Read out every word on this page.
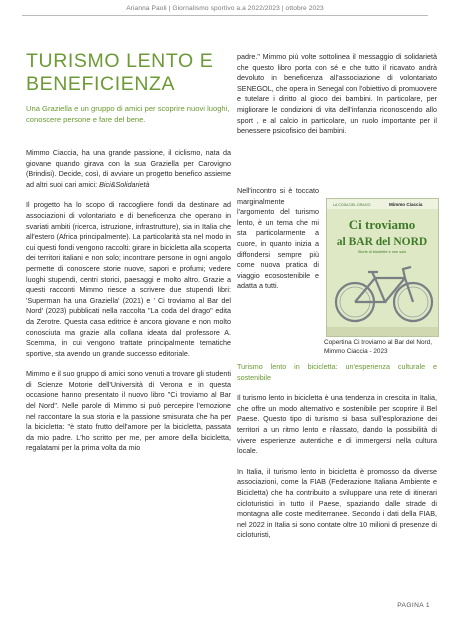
Arianna Paoli | Giornalismo sportivo a.a 2022/2023 | ottobre 2023
TURISMO LENTO E BENEFICIENZA
Una Graziella e un gruppo di amici per scoprire nuovi luoghi, conoscere persone e fare del bene.

Mimmo Ciaccia, ha una grande passione, il ciclismo, nata da giovane quando girava con la sua Graziella per Carovigno (Brindisi). Decide, così, di avviare un progetto benefico assieme ad altri suoi cari amici: Bici&Solidarietà

Il progetto ha lo scopo di raccogliere fondi da destinare ad associazioni di volontariato e di beneficenza che operano in svariati ambiti (ricerca, istruzione, infrastrutture), sia in Italia che all'estero (Africa principalmente). La particolarità sta nel modo in cui questi fondi vengono raccolti: girare in bicicletta alla scoperta dei territori italiani e non solo; incontrare persone in ogni angolo permette di conoscere storie nuove, sapori e profumi; vedere luoghi stupendi, centri storici, paesaggi e molto altro. Grazie a questi racconti Mimmo riesce a scrivere due stupendi libri: 'Superman ha una Graziella' (2021) e ' Ci troviamo al Bar del Nord' (2023) pubblicati nella raccolta "La coda del drago" edita da Zerotre. Questa casa editrice è ancora giovane e non molto conosciuta ma grazie alla collana ideata dal professore A. Scemma, in cui vengono trattate principalmente tematiche sportive, sta avendo un grande successo editoriale.

Mimmo e il suo gruppo di amici sono venuti a trovare gli studenti di Scienze Motorie dell'Università di Verona e in questa occasione hanno presentato il nuovo libro "Ci troviamo al Bar del Nord". Nelle parole di Mimmo si può percepire l'emozione nel raccontare la sua storia e la passione smisurata che ha per la bicicletta: "è stato frutto dell'amore per la bicicletta, passata da mio padre. L'ho scritto per me, per amore della bicicletta, regalatami per la prima volta da mio

padre." Mimmo più volte sottolinea il messaggio di solidarietà che questo libro porta con sé e che tutto il ricavato andrà devoluto in beneficenza all'associazione di volontariato SENEGOL, che opera in Senegal con l'obiettivo di promuovere e tutelare i diritto al gioco dei bambini. In particolare, per migliorare le condizioni di vita dell'infanzia riconoscendo allo sport , e al calcio in particolare, un ruolo importante per il benessere psicofisico dei bambini.

Nell'incontro si è toccato marginalmente l'argomento del turismo lento, è un tema che mi sta particolarmente a cuore, in quanto inizia a diffondersi sempre più come nuova pratica di viaggio ecosostenibile e adatta a tutti.

LA CODA DEL DRAGO	Mimmo Ciaccia
Ci troviamo
al BAR del NORD
Storie di biciclette e non solo
Copertina Ci troviamo al Bar del Nord, Mimmo Ciaccia - 2023

Turismo lento in bicicletta: un'esperienza culturale e sostenibile

Il turismo lento in bicicletta è una tendenza in crescita in Italia, che offre un modo alternativo e sostenibile per scoprire il Bel Paese. Questo tipo di turismo si basa sull'esplorazione dei territori a un ritmo lento e rilassato, dando la possibilità di vivere esperienze autentiche e di immergersi nella cultura locale.

In Italia, il turismo lento in bicicletta è promosso da diverse associazioni, come la FIAB (Federazione Italiana Ambiente e Bicicletta) che ha contribuito a sviluppare una rete di itinerari cicloturistici in tutto il Paese, spaziando dalle strade di montagna alle coste mediterranee. Secondo i dati della FIAB, nel 2022 in Italia si sono contate oltre 10 milioni di presenze di cicloturisti,

PAGINA 1
